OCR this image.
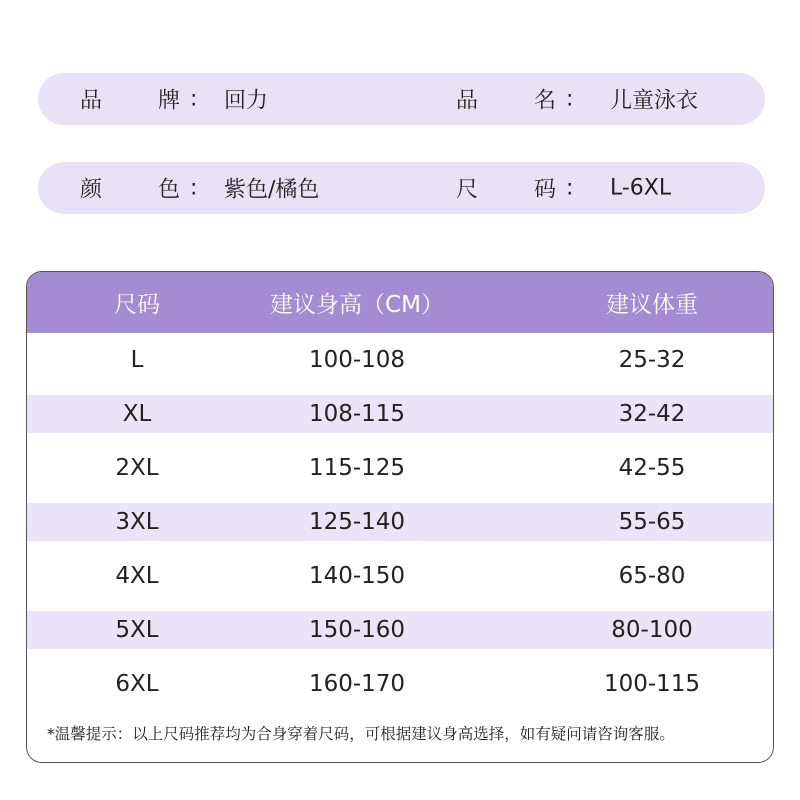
品	牌 : 回力	品	名 : 儿童泳衣
颜	色 : 紫色/橘色	尺	码 : L-6XL
尺码	建议身高（CM）	建议体重
L	100-108	25-32
XL	108-115	32-42
2XL	115-125	42-55
3XL	125-140	55-65
4XL	140-150	65-80
5XL	150-160	80-100
6XL	160-170	100-115
*温馨提示：以上尺码推荐均为合身穿着尺码，可根据建议身高选择，如有疑问请咨询客服。
